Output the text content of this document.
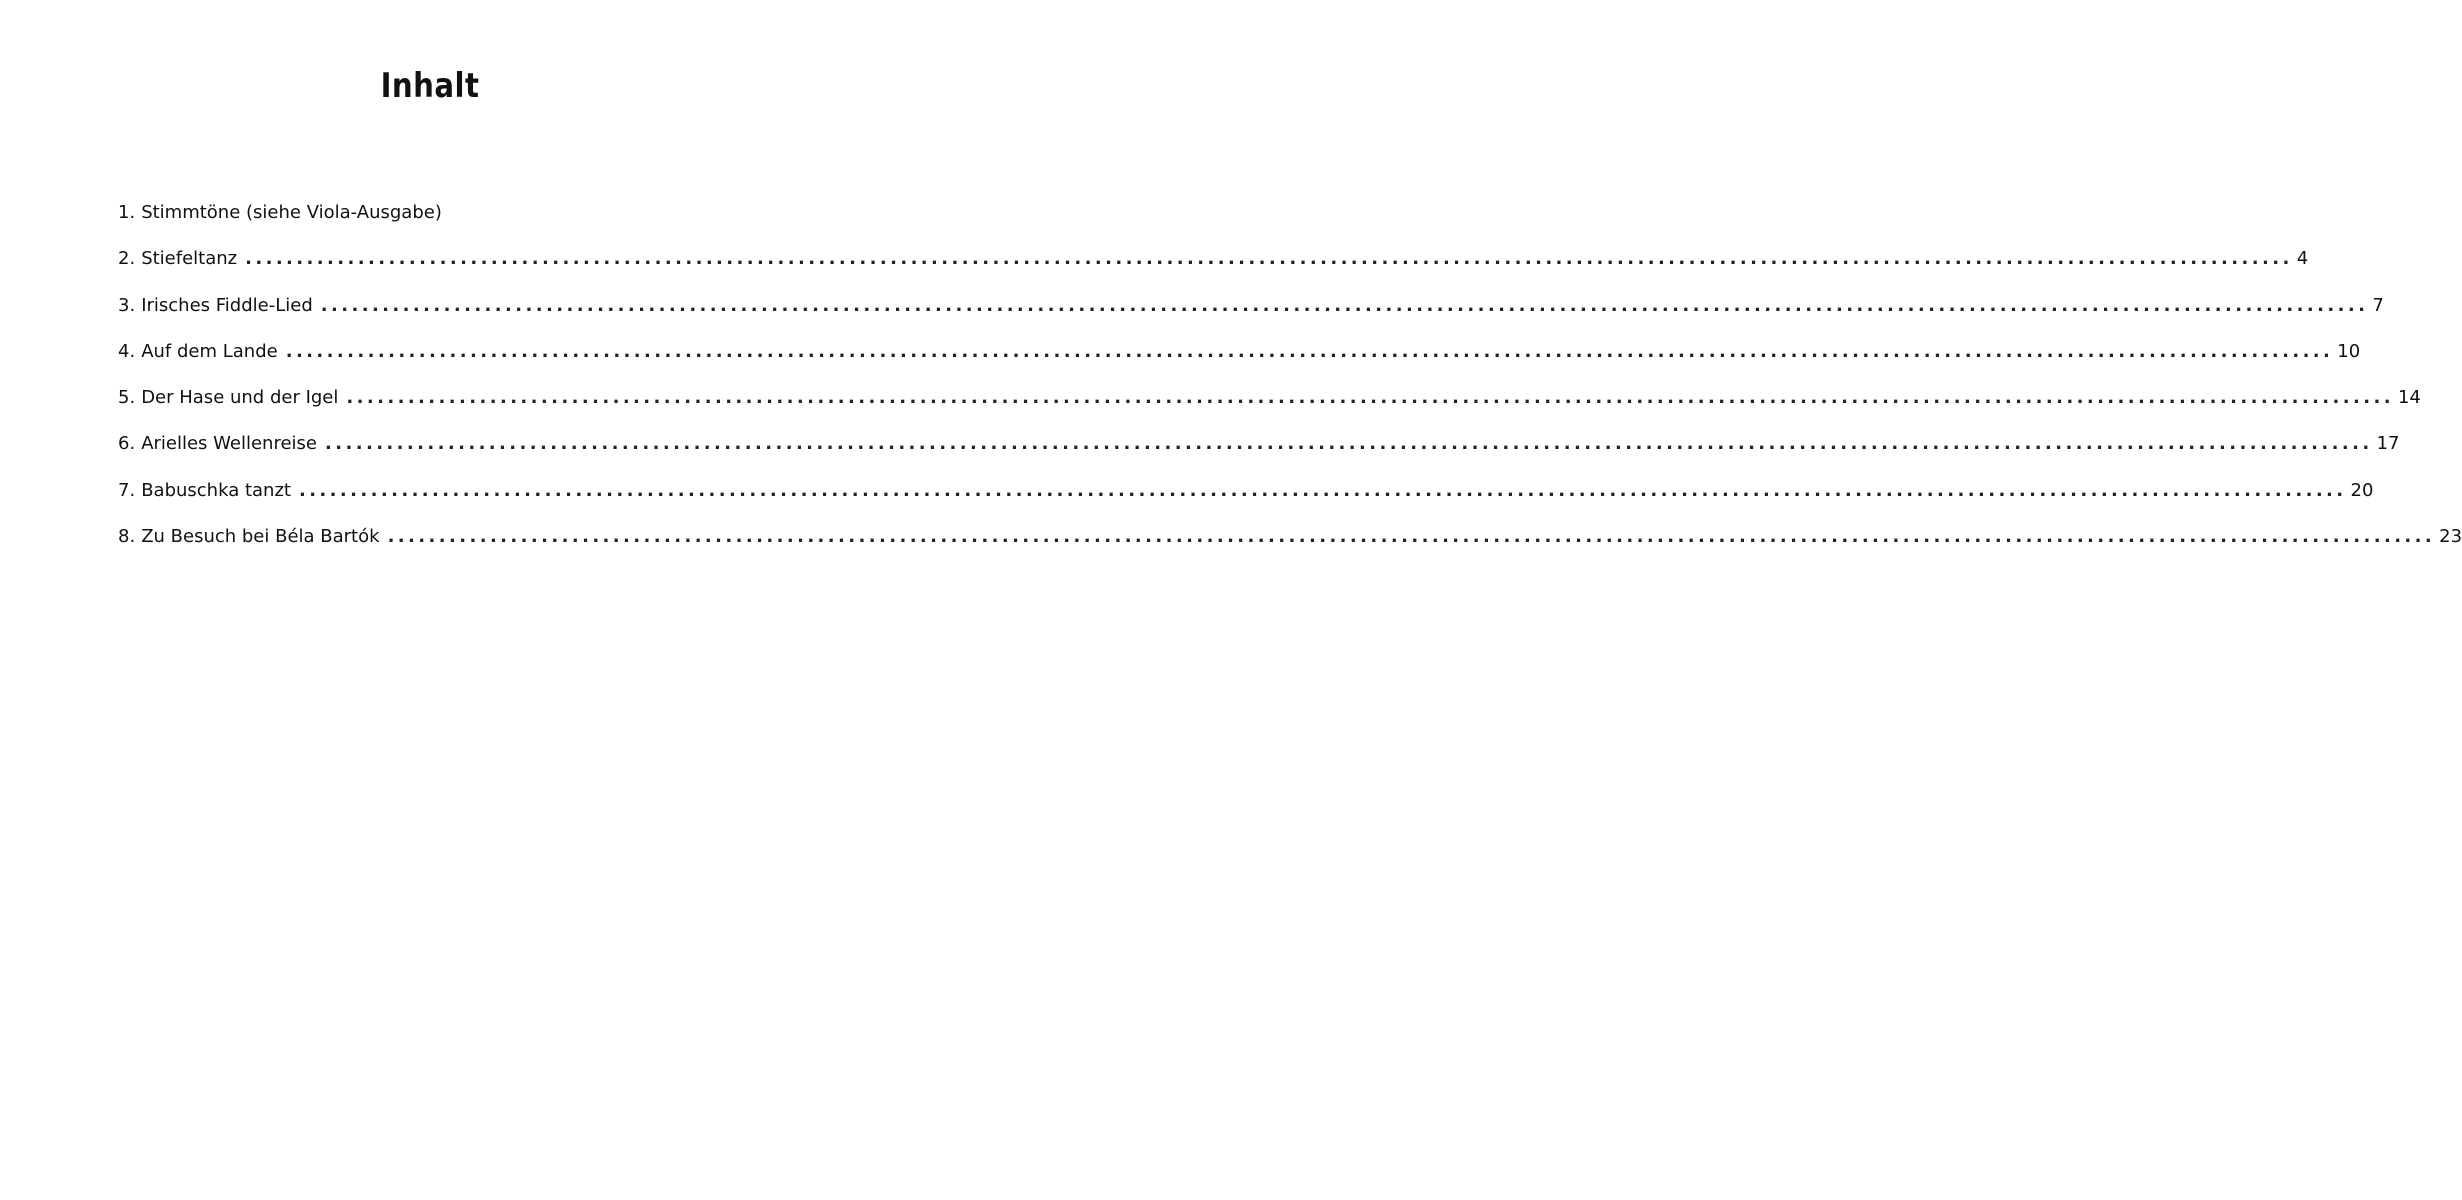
Inhalt
1. Stimmtöne (siehe Viola-Ausgabe)
2. Stiefeltanz ........................................................................................................................................................................................................ 4
3. Irisches Fiddle-Lied ........................................................................................................................................................................................................ 7
4. Auf dem Lande ........................................................................................................................................................................................................ 10
5. Der Hase und der Igel ........................................................................................................................................................................................................ 14
6. Arielles Wellenreise ........................................................................................................................................................................................................ 17
7. Babuschka tanzt ........................................................................................................................................................................................................ 20
8. Zu Besuch bei Béla Bartók ........................................................................................................................................................................................................ 23
